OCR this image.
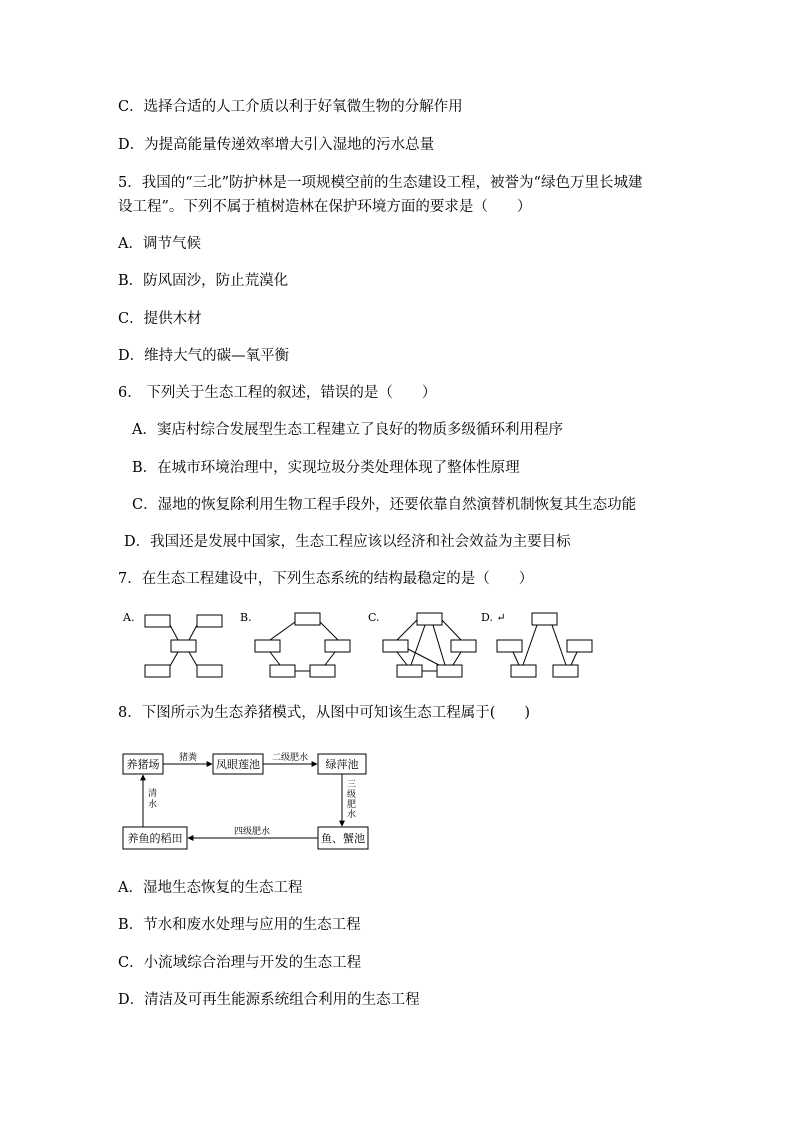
C．选择合适的人工介质以利于好氧微生物的分解作用
D．为提高能量传递效率增大引入湿地的污水总量
5．我国的“三北”防护林是一项规模空前的生态建设工程，被誉为“绿色万里长城建
设工程”。下列不属于植树造林在保护环境方面的要求是（　　）
A．调节气候
B．防风固沙，防止荒漠化
C．提供木材
D．维持大气的碳—氧平衡
6． 下列关于生态工程的叙述，错误的是（　　）
A．窦店村综合发展型生态工程建立了良好的物质多级循环利用程序
B．在城市环境治理中，实现垃圾分类处理体现了整体性原理
C．湿地的恢复除利用生物工程手段外，还要依靠自然演替机制恢复其生态功能
D．我国还是发展中国家，生态工程应该以经济和社会效益为主要目标
7．在生态工程建设中，下列生态系统的结构最稳定的是（　　）
A.	B.	C.	D. ↵
8．下图所示为生态养猪模式，从图中可知该生态工程属于(　　)
养猪场	凤眼莲池	绿萍池
鱼、蟹池
养鱼的稻田
猪粪	二级肥水
三
级
肥
水
四级肥水
清
水
A．湿地生态恢复的生态工程
B．节水和废水处理与应用的生态工程
C．小流域综合治理与开发的生态工程
D．清洁及可再生能源系统组合利用的生态工程
